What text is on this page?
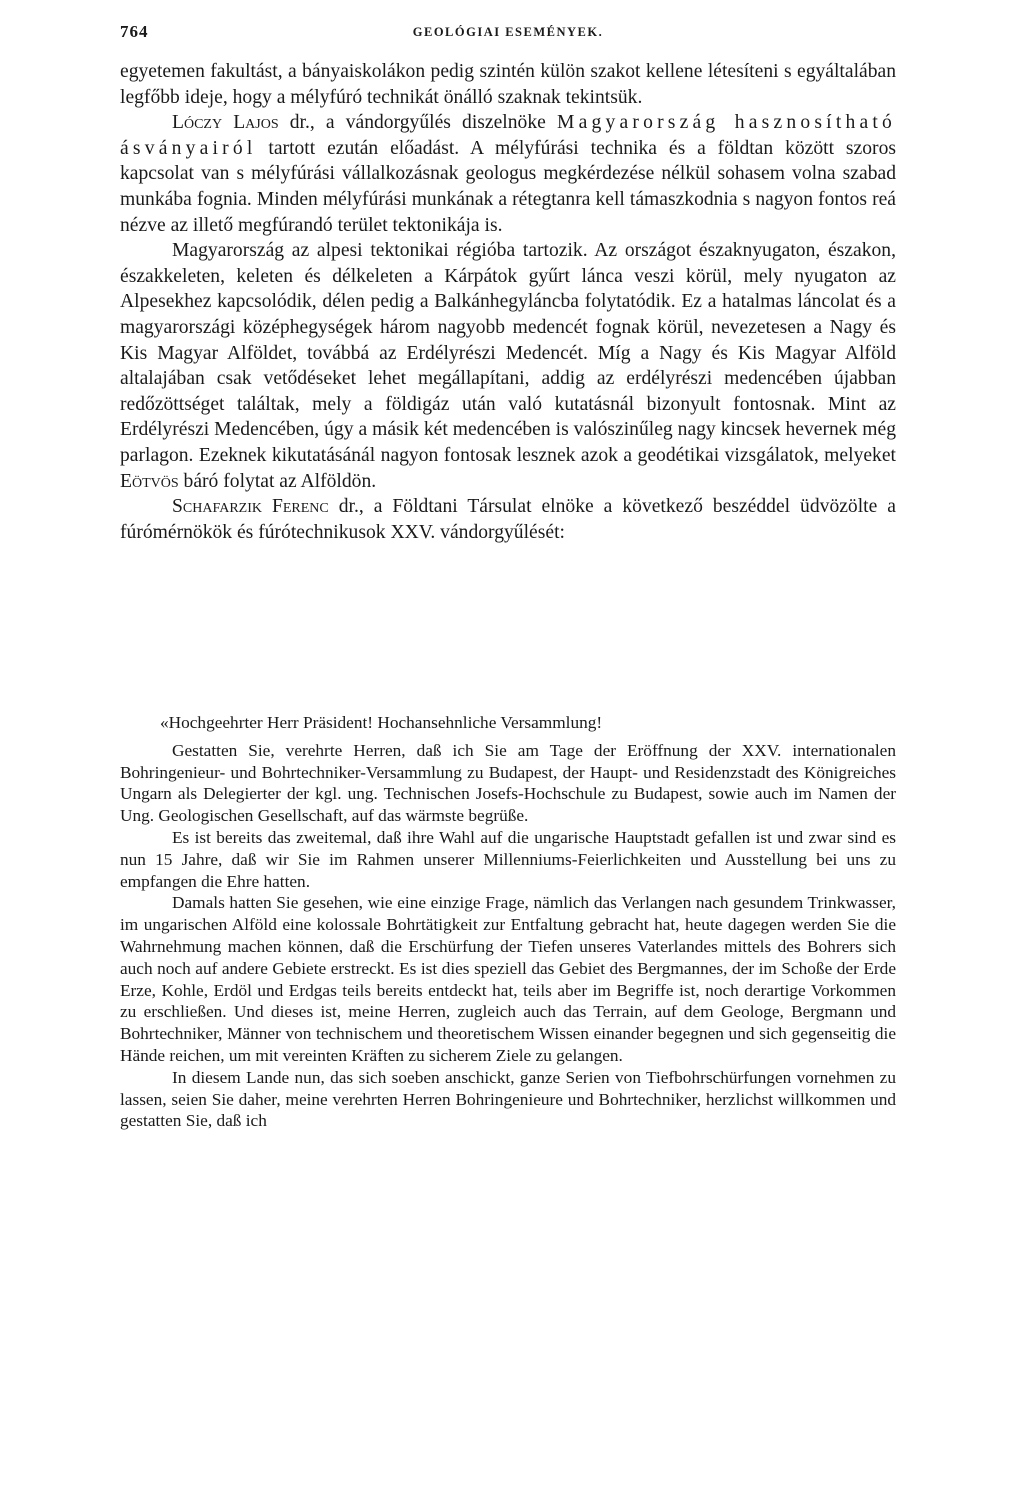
764	GEOLÓGIAI ESEMÉNYEK.

egyetemen fakultást, a bányaiskolákon pedig szintén külön szakot kellene létesíteni s egyáltalában legfőbb ideje, hogy a mélyfúró technikát önálló szaknak tekintsük.

Lóczy Lajos dr., a vándorgyűlés diszelnöke Magyarország hasznosítható ásványairól tartott ezután előadást. A mélyfúrási technika és a földtan között szoros kapcsolat van s mélyfúrási vállalkozásnak geologus megkérdezése nélkül sohasem volna szabad munkába fognia. Minden mélyfúrási munkának a rétegtanra kell támaszkodnia s nagyon fontos reá nézve az illető megfúrandó terület tektonikája is.

Magyarország az alpesi tektonikai régióba tartozik. Az országot északnyugaton, északon, északkeleten, keleten és délkeleten a Kárpátok gyűrt lánca veszi körül, mely nyugaton az Alpesekhez kapcsolódik, délen pedig a Balkánhegyláncba folytatódik. Ez a hatalmas láncolat és a magyarországi középhegységek három nagyobb medencét fognak körül, nevezetesen a Nagy és Kis Magyar Alföldet, továbbá az Erdélyrészi Medencét. Míg a Nagy és Kis Magyar Alföld altalajában csak vetődéseket lehet megállapítani, addig az erdélyrészi medencében újabban redőzöttséget találtak, mely a földigáz után való kutatásnál bizonyult fontosnak. Mint az Erdélyrészi Medencében, úgy a másik két medencében is valószinűleg nagy kincsek hevernek még parlagon. Ezeknek kikutatásánál nagyon fontosak lesznek azok a geodétikai vizsgálatok, melyeket Eötvös báró folytat az Alföldön.

Schafarzik Ferenc dr., a Földtani Társulat elnöke a következő beszéddel üdvözölte a fúrómérnökök és fúrótechnikusok XXV. vándorgyűlését:

«Hochgeehrter Herr Präsident! Hochansehnliche Versammlung!

Gestatten Sie, verehrte Herren, daß ich Sie am Tage der Eröffnung der XXV. internationalen Bohringenieur- und Bohrtechniker-Versammlung zu Budapest, der Haupt- und Residenzstadt des Königreiches Ungarn als Delegierter der kgl. ung. Technischen Josefs-Hochschule zu Budapest, sowie auch im Namen der Ung. Geologischen Gesellschaft, auf das wärmste begrüße.

Es ist bereits das zweitemal, daß ihre Wahl auf die ungarische Hauptstadt gefallen ist und zwar sind es nun 15 Jahre, daß wir Sie im Rahmen unserer Millenniums-Feierlichkeiten und Ausstellung bei uns zu empfangen die Ehre hatten.

Damals hatten Sie gesehen, wie eine einzige Frage, nämlich das Verlangen nach gesundem Trinkwasser, im ungarischen Alföld eine kolossale Bohrtätigkeit zur Entfaltung gebracht hat, heute dagegen werden Sie die Wahrnehmung machen können, daß die Erschürfung der Tiefen unseres Vaterlandes mittels des Bohrers sich auch noch auf andere Gebiete erstreckt. Es ist dies speziell das Gebiet des Bergmannes, der im Schoße der Erde Erze, Kohle, Erdöl und Erdgas teils bereits entdeckt hat, teils aber im Begriffe ist, noch derartige Vorkommen zu erschließen. Und dieses ist, meine Herren, zugleich auch das Terrain, auf dem Geologe, Bergmann und Bohrtechniker, Männer von technischem und theoretischem Wissen einander begegnen und sich gegenseitig die Hände reichen, um mit vereinten Kräften zu sicherem Ziele zu gelangen.

In diesem Lande nun, das sich soeben anschickt, ganze Serien von Tiefbohrschürfungen vornehmen zu lassen, seien Sie daher, meine verehrten Herren Bohringenieure und Bohrtechniker, herzlichst willkommen und gestatten Sie, daß ich
